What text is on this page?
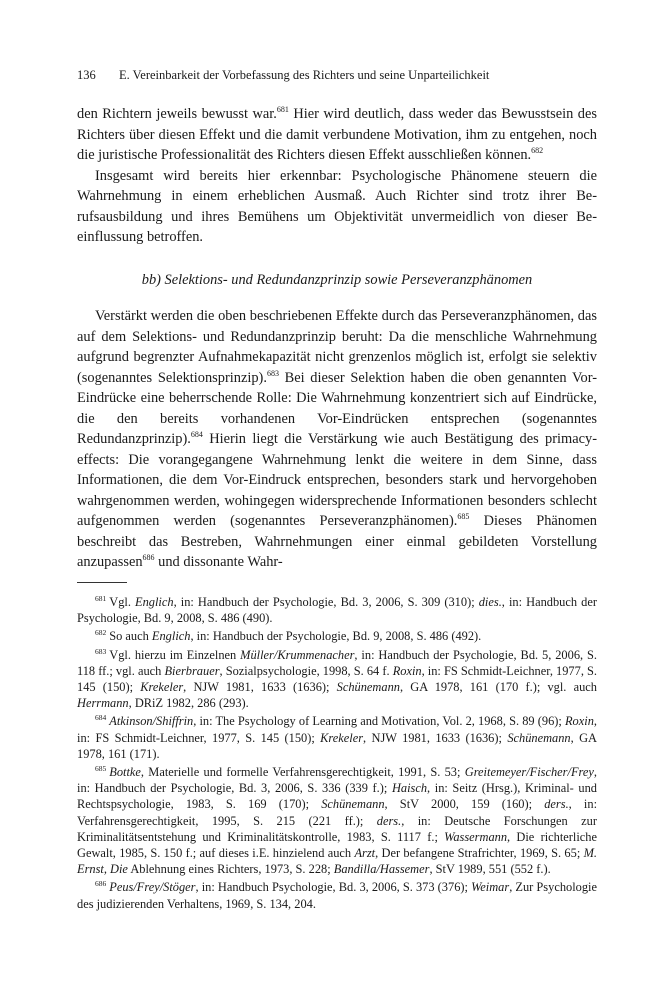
136 E. Vereinbarkeit der Vorbefassung des Richters und seine Unparteilichkeit

den Richtern jeweils bewusst war.$^{681}$ Hier wird deutlich, dass weder das Bewusstsein des Richters über diesen Effekt und die damit verbundene Motivation, ihm zu entgehen, noch die juristische Professionalität des Richters diesen Effekt ausschließen können.$^{682}$

Insgesamt wird bereits hier erkennbar: Psychologische Phänomene steuern die Wahrnehmung in einem erheblichen Ausmaß. Auch Richter sind trotz ihrer Berufsausbildung und ihres Bemühens um Objektivität unvermeidlich von dieser Beeinflussung betroffen.

bb) Selektions- und Redundanzprinzip sowie Perseveranzphänomen

Verstärkt werden die oben beschriebenen Effekte durch das Perseveranzphänomen, das auf dem Selektions- und Redundanzprinzip beruht: Da die menschliche Wahrnehmung aufgrund begrenzter Aufnahmekapazität nicht grenzenlos möglich ist, erfolgt sie selektiv (sogenanntes Selektionsprinzip).$^{683}$ Bei dieser Selektion haben die oben genannten Vor-Eindrücke eine beherrschende Rolle: Die Wahrnehmung konzentriert sich auf Eindrücke, die den bereits vorhandenen Vor-Eindrücken entsprechen (sogenanntes Redundanzprinzip).$^{684}$ Hierin liegt die Verstärkung wie auch Bestätigung des primacy-effects: Die vorangegangene Wahrnehmung lenkt die weitere in dem Sinne, dass Informationen, die dem Vor-Eindruck entsprechen, besonders stark und hervorgehoben wahrgenommen werden, wohingegen widersprechende Informationen besonders schlecht aufgenommen werden (sogenanntes Perseveranzphänomen).$^{685}$ Dieses Phänomen beschreibt das Bestreben, Wahrnehmungen einer einmal gebildeten Vorstellung anzupassen$^{686}$ und dissonante Wahr-

$^{681}$ Vgl. Englich, in: Handbuch der Psychologie, Bd. 3, 2006, S. 309 (310); dies., in: Handbuch der Psychologie, Bd. 9, 2008, S. 486 (490).

$^{682}$ So auch Englich, in: Handbuch der Psychologie, Bd. 9, 2008, S. 486 (492).

$^{683}$ Vgl. hierzu im Einzelnen Müller/Krummenacher, in: Handbuch der Psychologie, Bd. 5, 2006, S. 118 ff.; vgl. auch Bierbrauer, Sozialpsychologie, 1998, S. 64 f. Roxin, in: FS Schmidt-Leichner, 1977, S. 145 (150); Krekeler, NJW 1981, 1633 (1636); Schünemann, GA 1978, 161 (170 f.); vgl. auch Herrmann, DRiZ 1982, 286 (293).

$^{684}$ Atkinson/Shiffrin, in: The Psychology of Learning and Motivation, Vol. 2, 1968, S. 89 (96); Roxin, in: FS Schmidt-Leichner, 1977, S. 145 (150); Krekeler, NJW 1981, 1633 (1636); Schünemann, GA 1978, 161 (171).

$^{685}$ Bottke, Materielle und formelle Verfahrensgerechtigkeit, 1991, S. 53; Greitemeyer/Fischer/Frey, in: Handbuch der Psychologie, Bd. 3, 2006, S. 336 (339 f.); Haisch, in: Seitz (Hrsg.), Kriminal- und Rechtspsychologie, 1983, S. 169 (170); Schünemann, StV 2000, 159 (160); ders., in: Verfahrensgerechtigkeit, 1995, S. 215 (221 ff.); ders., in: Deutsche Forschungen zur Kriminalitätsentstehung und Kriminalitätskontrolle, 1983, S. 1117 f.; Wassermann, Die richterliche Gewalt, 1985, S. 150 f.; auf dieses i.E. hinzielend auch Arzt, Der befangene Strafrichter, 1969, S. 65; M. Ernst, Die Ablehnung eines Richters, 1973, S. 228; Bandilla/Hassemer, StV 1989, 551 (552 f.).

$^{686}$ Peus/Frey/Stöger, in: Handbuch Psychologie, Bd. 3, 2006, S. 373 (376); Weimar, Zur Psychologie des judizierenden Verhaltens, 1969, S. 134, 204.
